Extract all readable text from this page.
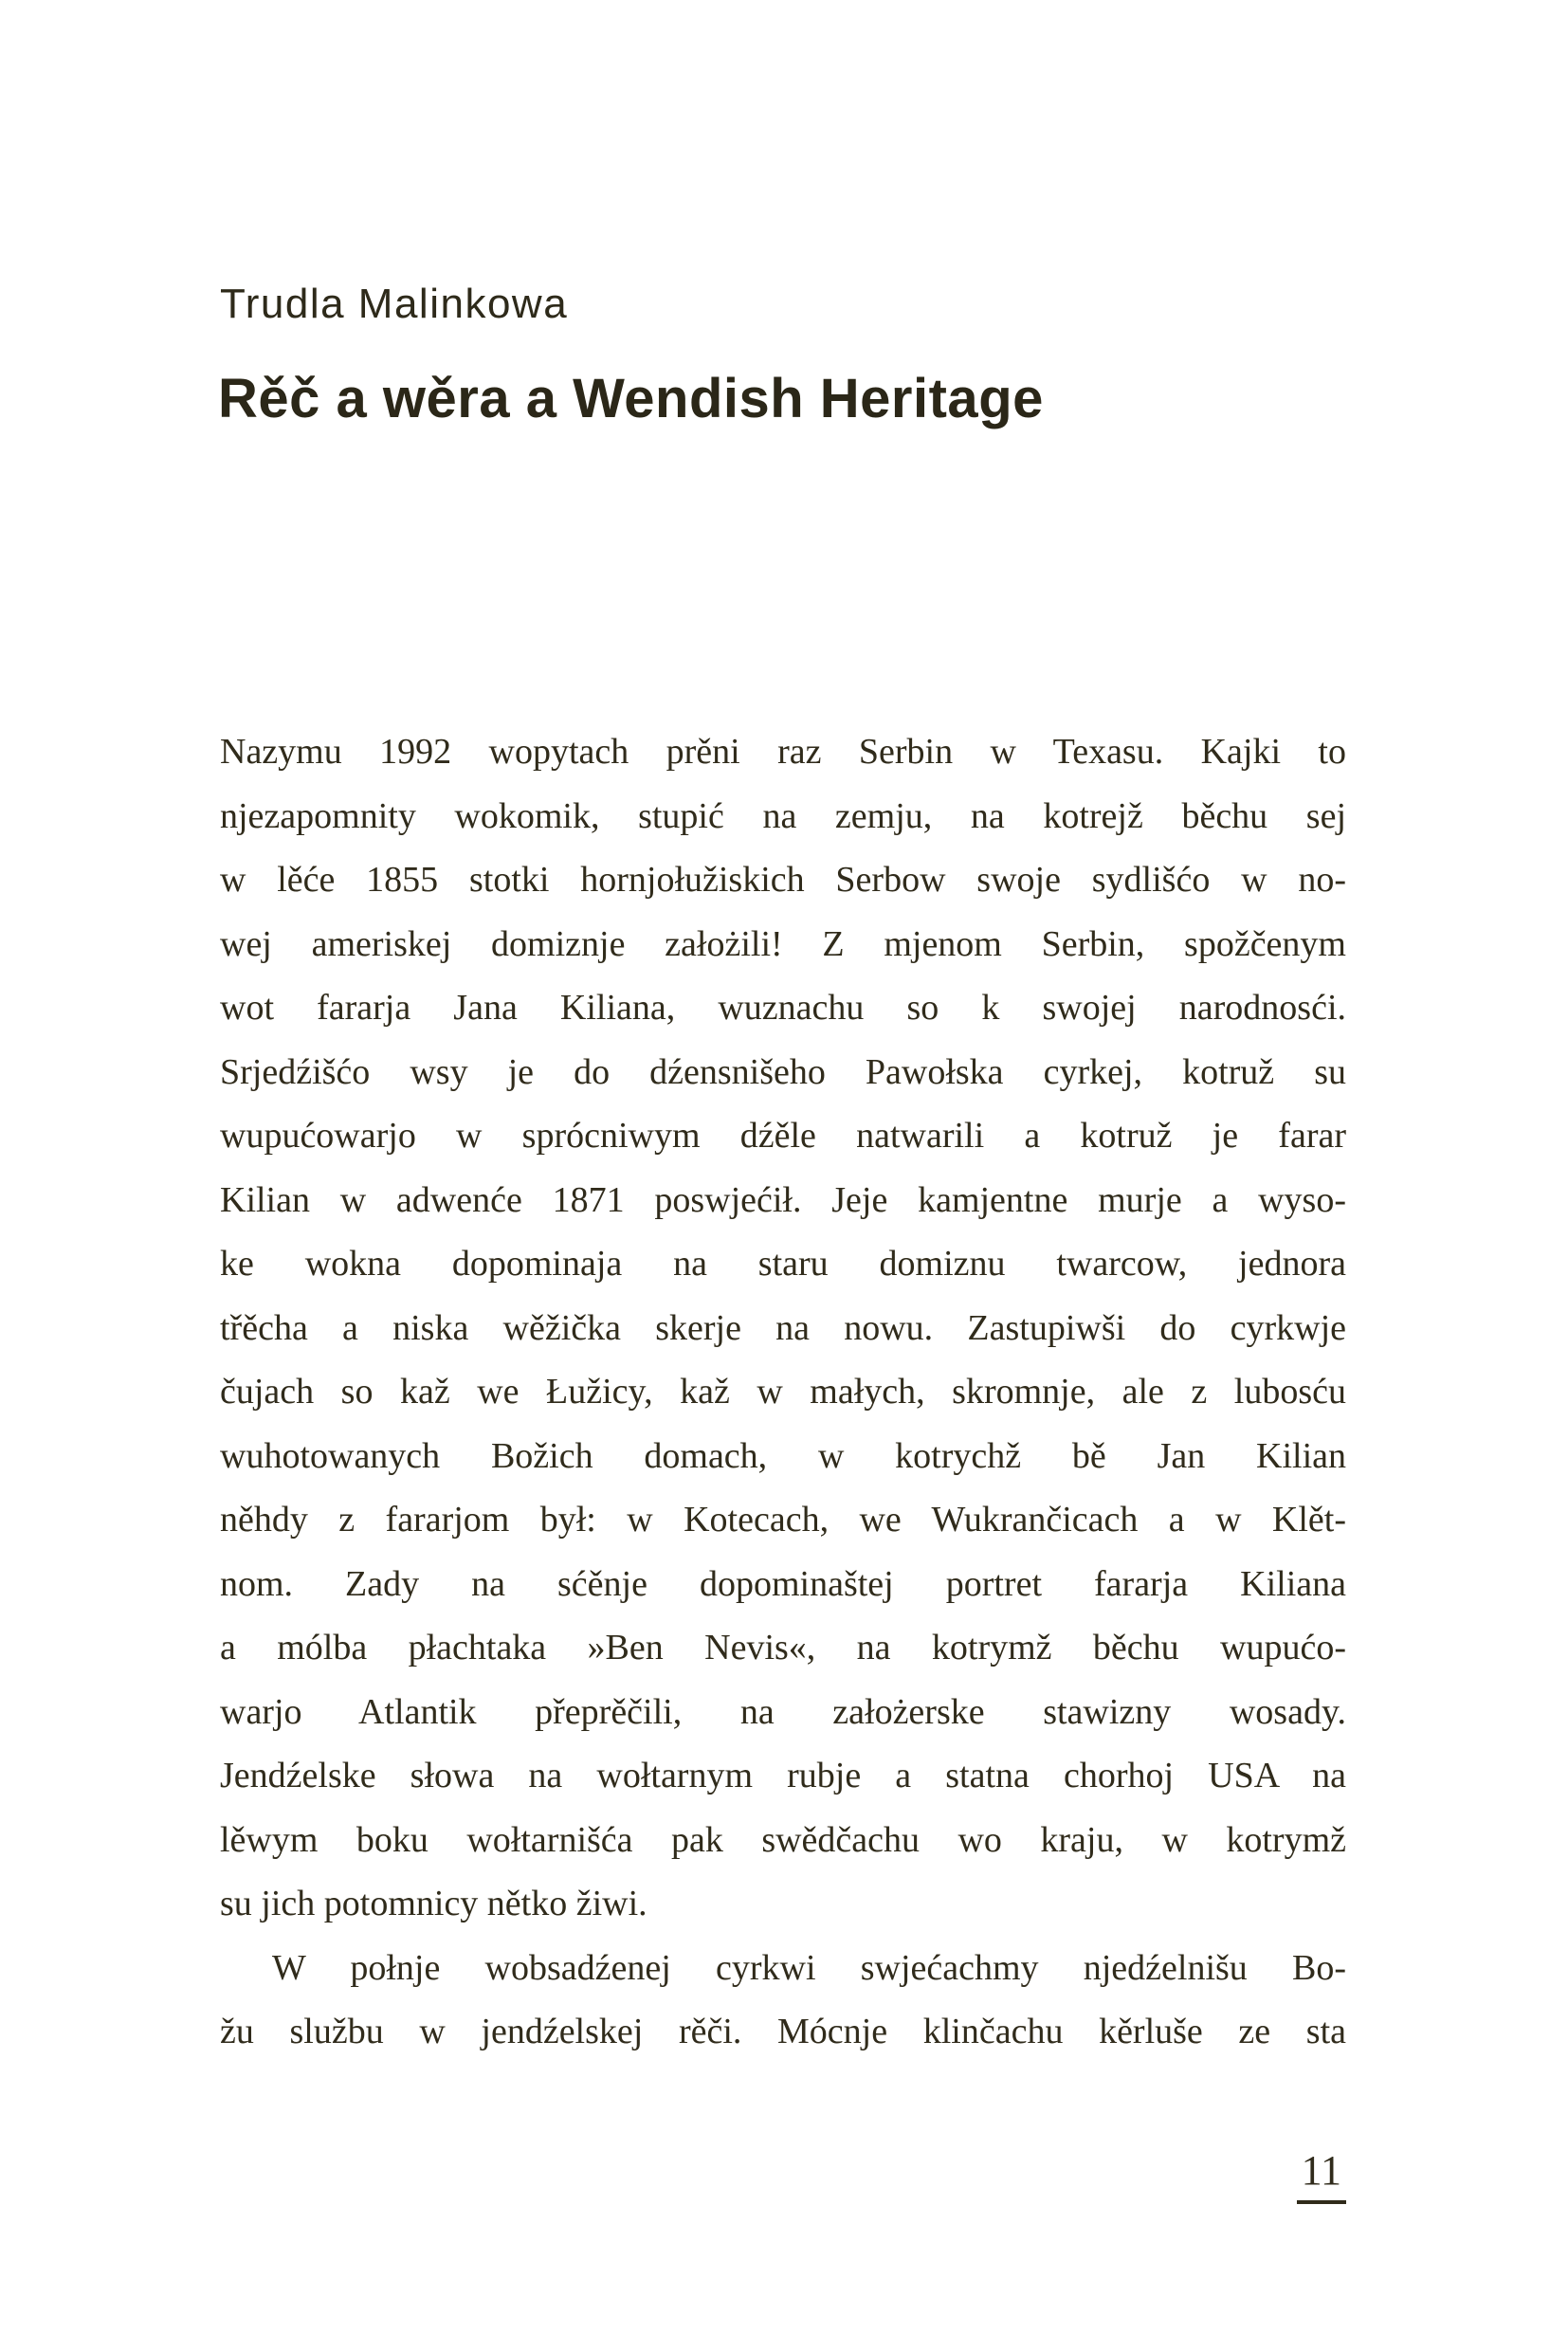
Trudla Malinkowa
Rěč a wěra a Wendish Heritage
Nazymu 1992 wopytach prěni raz Serbin w Texasu. Kajki to
njezapomnity wokomik, stupić na zemju, na kotrejž běchu sej
w lěće 1855 stotki hornjołužiskich Serbow swoje sydlišćo w no-
wej ameriskej domiznje założili! Z mjenom Serbin, spožčenym
wot fararja Jana Kiliana, wuznachu so k swojej narodnosći.
Srjedźišćo wsy je do dźensnišeho Pawołska cyrkej, kotruž su
wupućowarjo w sprócniwym dźěle natwarili a kotruž je farar
Kilian w adwenće 1871 poswjećił. Jeje kamjentne murje a wyso-
ke wokna dopominaja na staru domiznu twarcow, jednora
třěcha a niska wěžička skerje na nowu. Zastupiwši do cyrkwje
čujach so kaž we Łužicy, kaž w małych, skromnje, ale z lubosću
wuhotowanych Božich domach, w kotrychž bě Jan Kilian
něhdy z fararjom był: w Kotecach, we Wukrančicach a w Klět-
nom. Zady na sćěnje dopominaštej portret fararja Kiliana
a mólba płachtaka »Ben Nevis«, na kotrymž běchu wupućo-
warjo Atlantik přeprěčili, na założerske stawizny wosady.
Jendźelske słowa na wołtarnym rubje a statna chorhoj USA na
lěwym boku wołtarnišća pak swědčachu wo kraju, w kotrymž
su jich potomnicy nětko žiwi.
W połnje wobsadźenej cyrkwi swjećachmy njedźelnišu Bo-
žu službu w jendźelskej rěči. Mócnje klinčachu kěrluše ze sta
11
